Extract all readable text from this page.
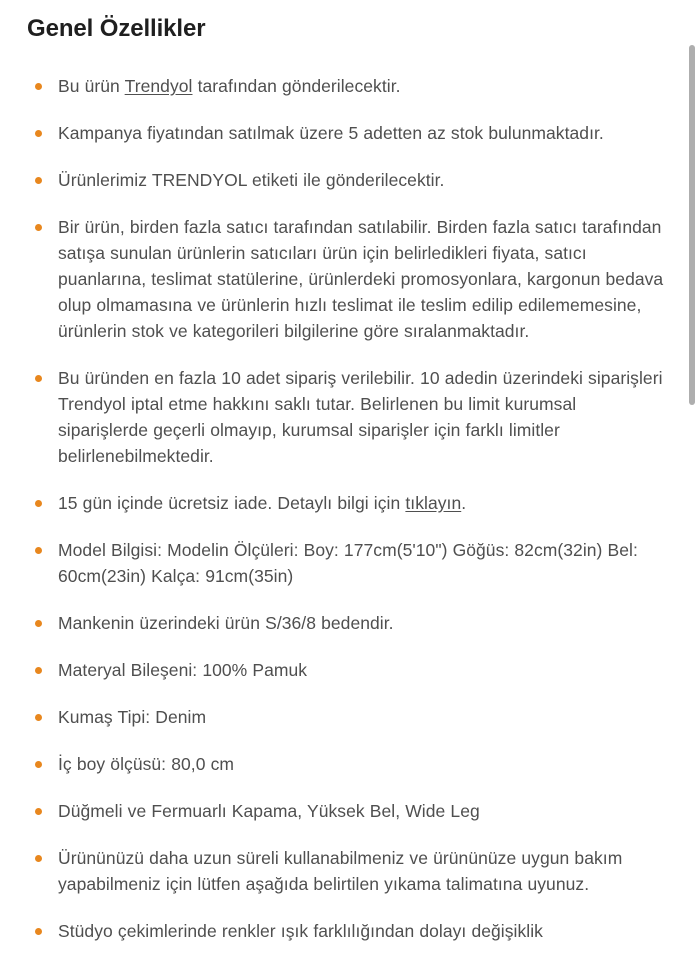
Genel Özellikler
Bu ürün Trendyol tarafından gönderilecektir.
Kampanya fiyatından satılmak üzere 5 adetten az stok bulunmaktadır.
Ürünlerimiz TRENDYOL etiketi ile gönderilecektir.
Bir ürün, birden fazla satıcı tarafından satılabilir. Birden fazla satıcı tarafından satışa sunulan ürünlerin satıcıları ürün için belirledikleri fiyata, satıcı puanlarına, teslimat statülerine, ürünlerdeki promosyonlara, kargonun bedava olup olmamasına ve ürünlerin hızlı teslimat ile teslim edilip edilememesine, ürünlerin stok ve kategorileri bilgilerine göre sıralanmaktadır.
Bu üründen en fazla 10 adet sipariş verilebilir. 10 adedin üzerindeki siparişleri Trendyol iptal etme hakkını saklı tutar. Belirlenen bu limit kurumsal siparişlerde geçerli olmayıp, kurumsal siparişler için farklı limitler belirlenebilmektedir.
15 gün içinde ücretsiz iade. Detaylı bilgi için tıklayın.
Model Bilgisi: Modelin Ölçüleri: Boy: 177cm(5'10") Göğüs: 82cm(32in) Bel: 60cm(23in) Kalça: 91cm(35in)
Mankenin üzerindeki ürün S/36/8 bedendir.
Materyal Bileşeni: 100% Pamuk
Kumaş Tipi: Denim
İç boy ölçüsü: 80,0 cm
Düğmeli ve Fermuarlı Kapama, Yüksek Bel, Wide Leg
Ürününüzü daha uzun süreli kullanabilmeniz ve ürününüze uygun bakım yapabilmeniz için lütfen aşağıda belirtilen yıkama talimatına uyunuz.
Stüdyo çekimlerinde renkler ışık farklılığından dolayı değişiklik
